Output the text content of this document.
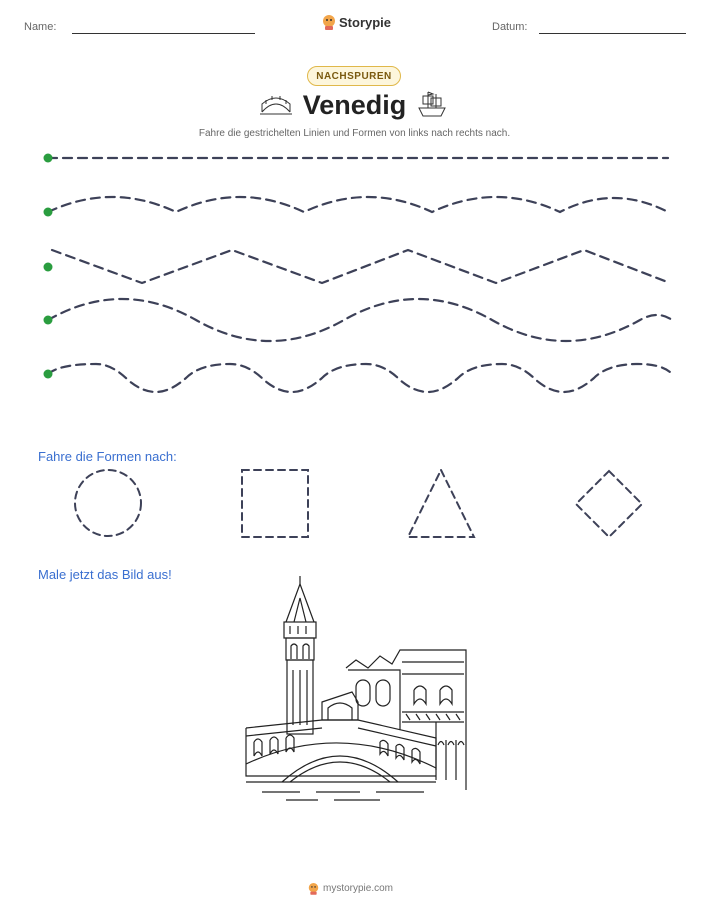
Name:	Storypie	Datum:
NACHSPUREN
Venedig
Fahre die gestrichelten Linien und Formen von links nach rechts nach.
Fahre die Formen nach:
Male jetzt das Bild aus!
mystorypie.com
